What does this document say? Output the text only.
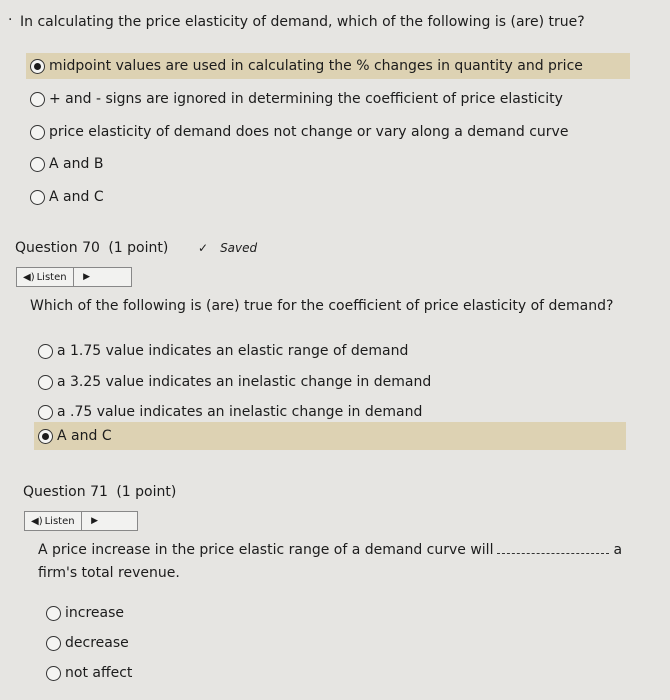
· In calculating the price elasticity of demand, which of the following is (are) true?
midpoint values are used in calculating the % changes in quantity and price
+ and - signs are ignored in determining the coefficient of price elasticity
price elasticity of demand does not change or vary along a demand curve
A and B
A and C
Question 70 (1 point) ✓ Saved
◀) Listen	▶
Which of the following is (are) true for the coefficient of price elasticity of demand?
a 1.75 value indicates an elastic range of demand
a 3.25 value indicates an inelastic change in demand
a .75 value indicates an inelastic change in demand
A and C
Question 71 (1 point)
◀) Listen	▶
A price increase in the price elastic range of a demand curve will	a
firm's total revenue.
increase
decrease
not affect
